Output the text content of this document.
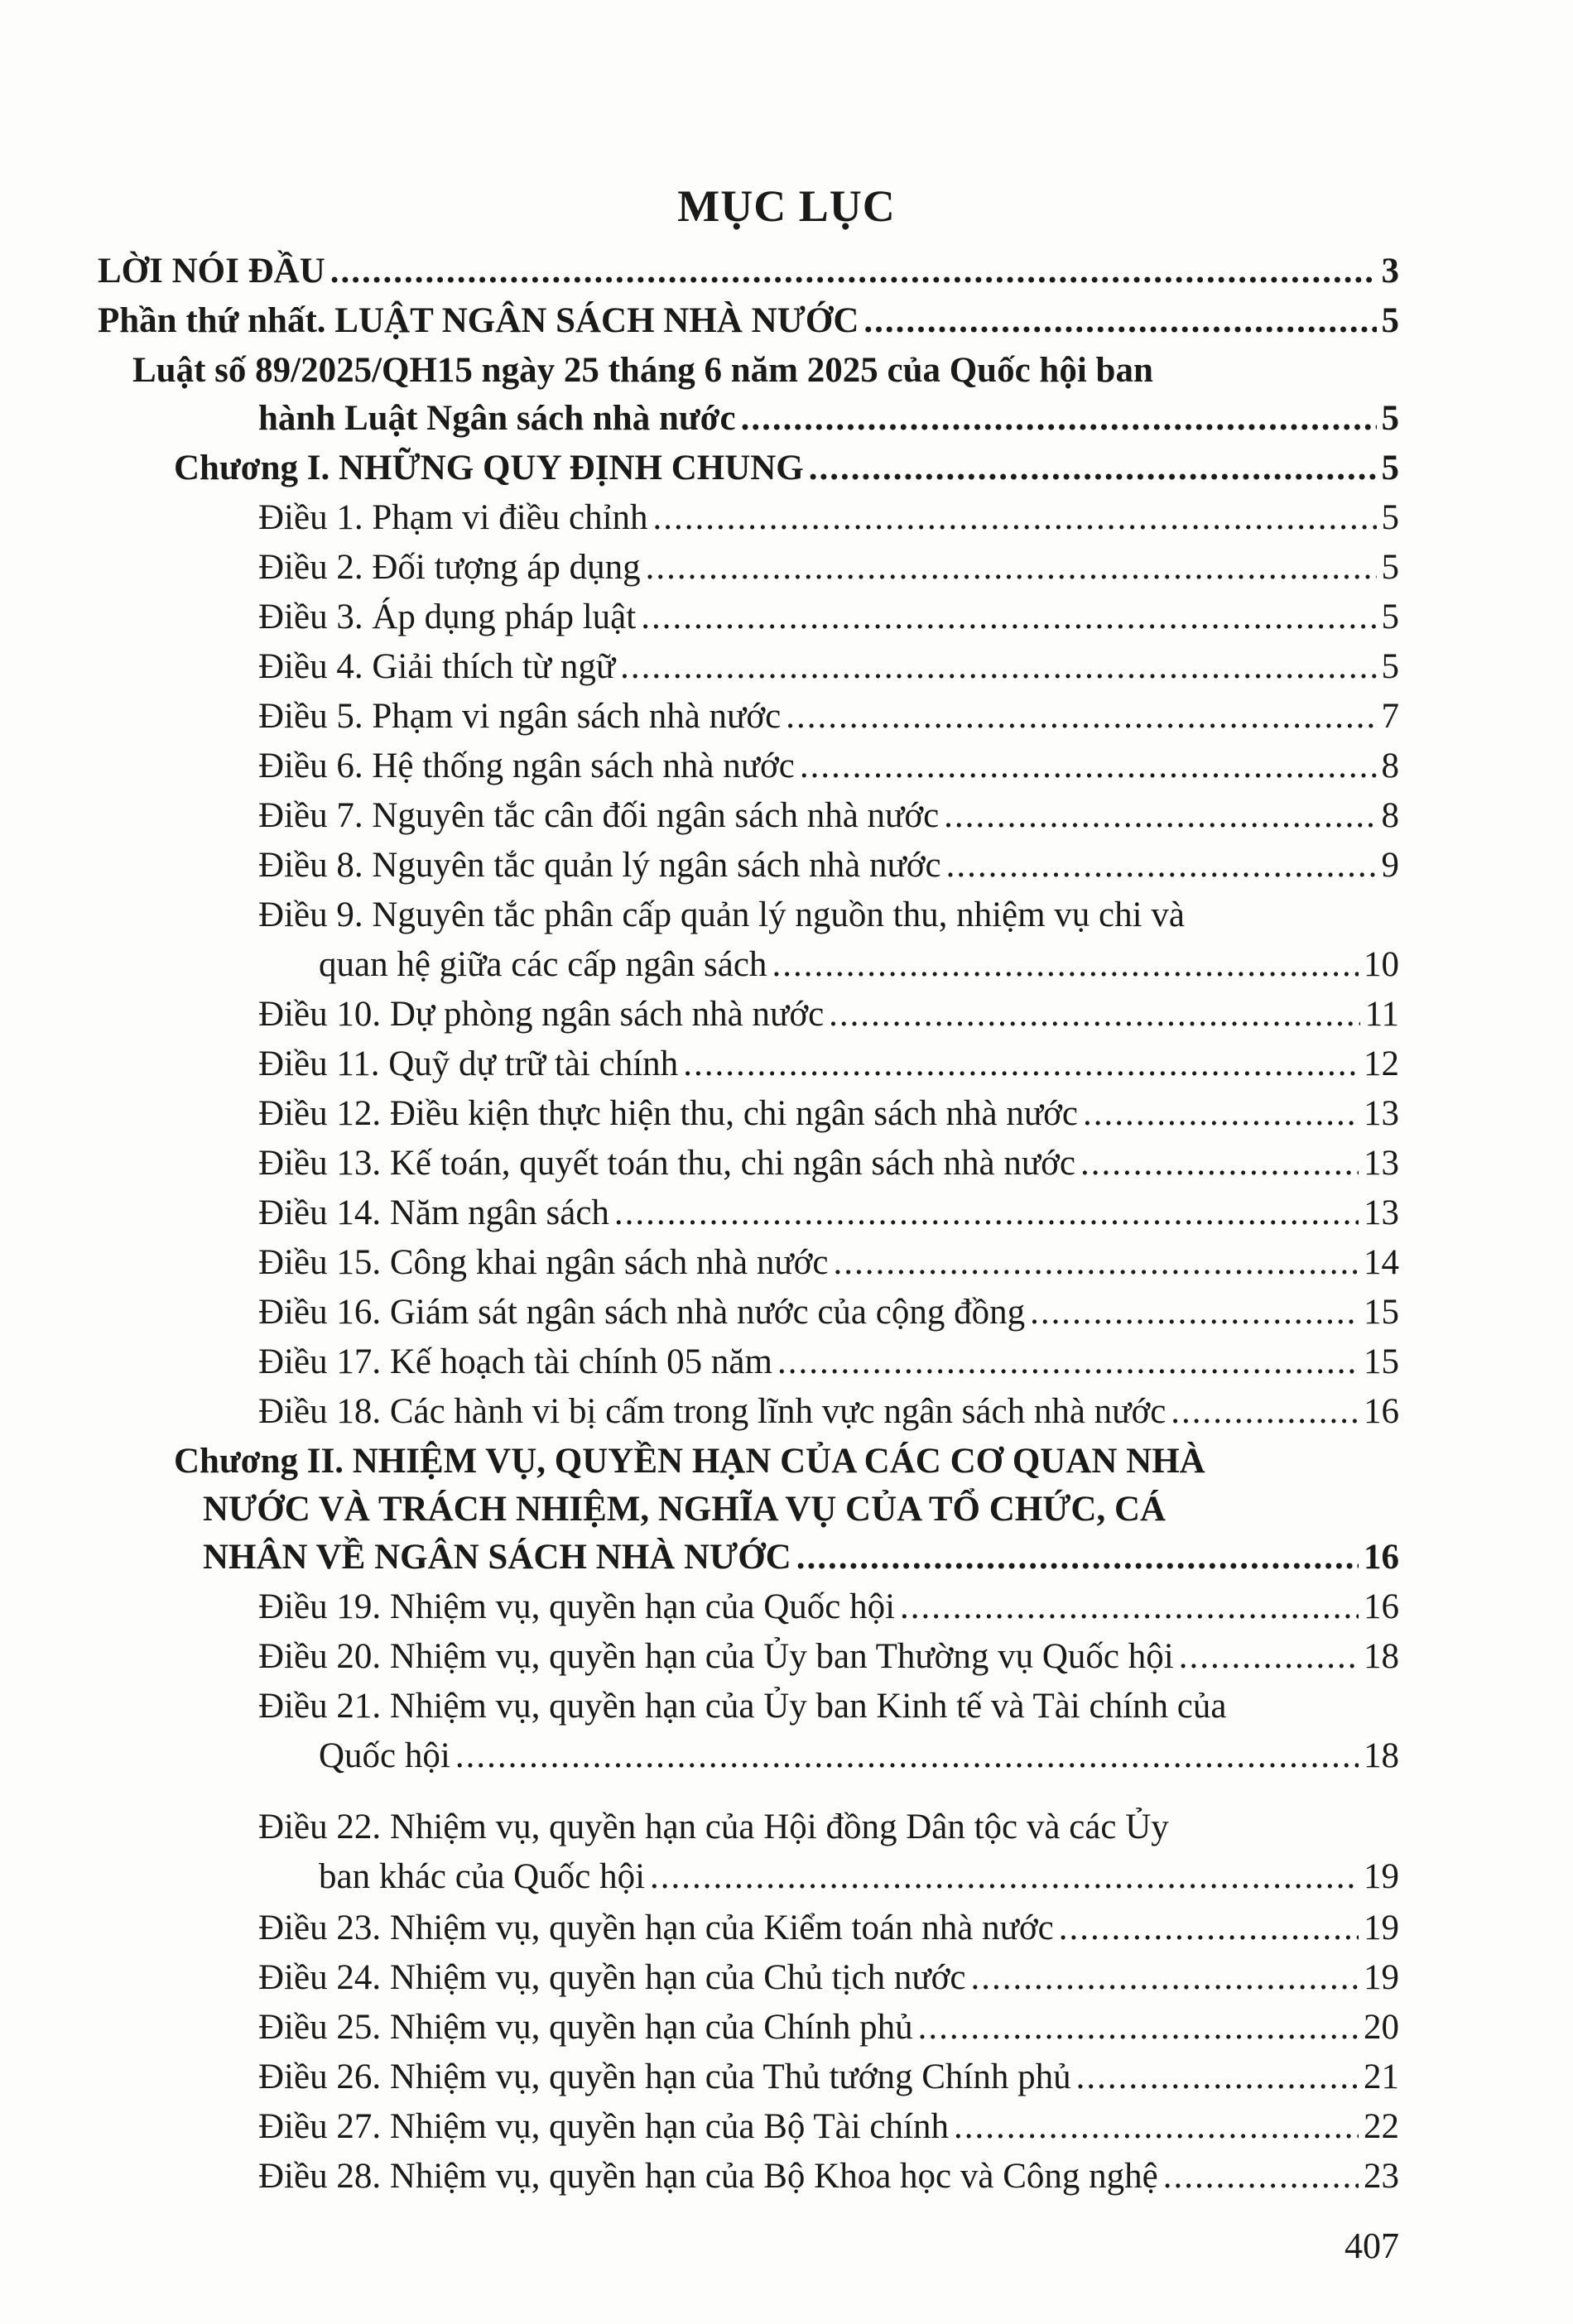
MỤC LỤC
LỜI NÓI ĐẦU .....	3
Phần thứ nhất. LUẬT NGÂN SÁCH NHÀ NƯỚC .....	5
Luật số 89/2025/QH15 ngày 25 tháng 6 năm 2025 của Quốc hội ban
hành Luật Ngân sách nhà nước .....	5
Chương I. NHỮNG QUY ĐỊNH CHUNG .....	5
Điều 1. Phạm vi điều chỉnh .....	5
Điều 2. Đối tượng áp dụng .....	5
Điều 3. Áp dụng pháp luật .....	5
Điều 4. Giải thích từ ngữ .....	5
Điều 5. Phạm vi ngân sách nhà nước .....	7
Điều 6. Hệ thống ngân sách nhà nước .....	8
Điều 7. Nguyên tắc cân đối ngân sách nhà nước .....	8
Điều 8. Nguyên tắc quản lý ngân sách nhà nước .....	9
Điều 9. Nguyên tắc phân cấp quản lý nguồn thu, nhiệm vụ chi và
quan hệ giữa các cấp ngân sách .....	10
Điều 10. Dự phòng ngân sách nhà nước .....	11
Điều 11. Quỹ dự trữ tài chính .....	12
Điều 12. Điều kiện thực hiện thu, chi ngân sách nhà nước .....	13
Điều 13. Kế toán, quyết toán thu, chi ngân sách nhà nước .....	13
Điều 14. Năm ngân sách .....	13
Điều 15. Công khai ngân sách nhà nước .....	14
Điều 16. Giám sát ngân sách nhà nước của cộng đồng .....	15
Điều 17. Kế hoạch tài chính 05 năm .....	15
Điều 18. Các hành vi bị cấm trong lĩnh vực ngân sách nhà nước .....	16
Chương II. NHIỆM VỤ, QUYỀN HẠN CỦA CÁC CƠ QUAN NHÀ
NƯỚC VÀ TRÁCH NHIỆM, NGHĨA VỤ CỦA TỔ CHỨC, CÁ
NHÂN VỀ NGÂN SÁCH NHÀ NƯỚC .....	16
Điều 19. Nhiệm vụ, quyền hạn của Quốc hội .....	16
Điều 20. Nhiệm vụ, quyền hạn của Ủy ban Thường vụ Quốc hội .....	18
Điều 21. Nhiệm vụ, quyền hạn của Ủy ban Kinh tế và Tài chính của
Quốc hội .....	18
Điều 22. Nhiệm vụ, quyền hạn của Hội đồng Dân tộc và các Ủy
ban khác của Quốc hội .....	19
Điều 23. Nhiệm vụ, quyền hạn của Kiểm toán nhà nước .....	19
Điều 24. Nhiệm vụ, quyền hạn của Chủ tịch nước .....	19
Điều 25. Nhiệm vụ, quyền hạn của Chính phủ .....	20
Điều 26. Nhiệm vụ, quyền hạn của Thủ tướng Chính phủ .....	21
Điều 27. Nhiệm vụ, quyền hạn của Bộ Tài chính .....	22
Điều 28. Nhiệm vụ, quyền hạn của Bộ Khoa học và Công nghệ .....	23
407
